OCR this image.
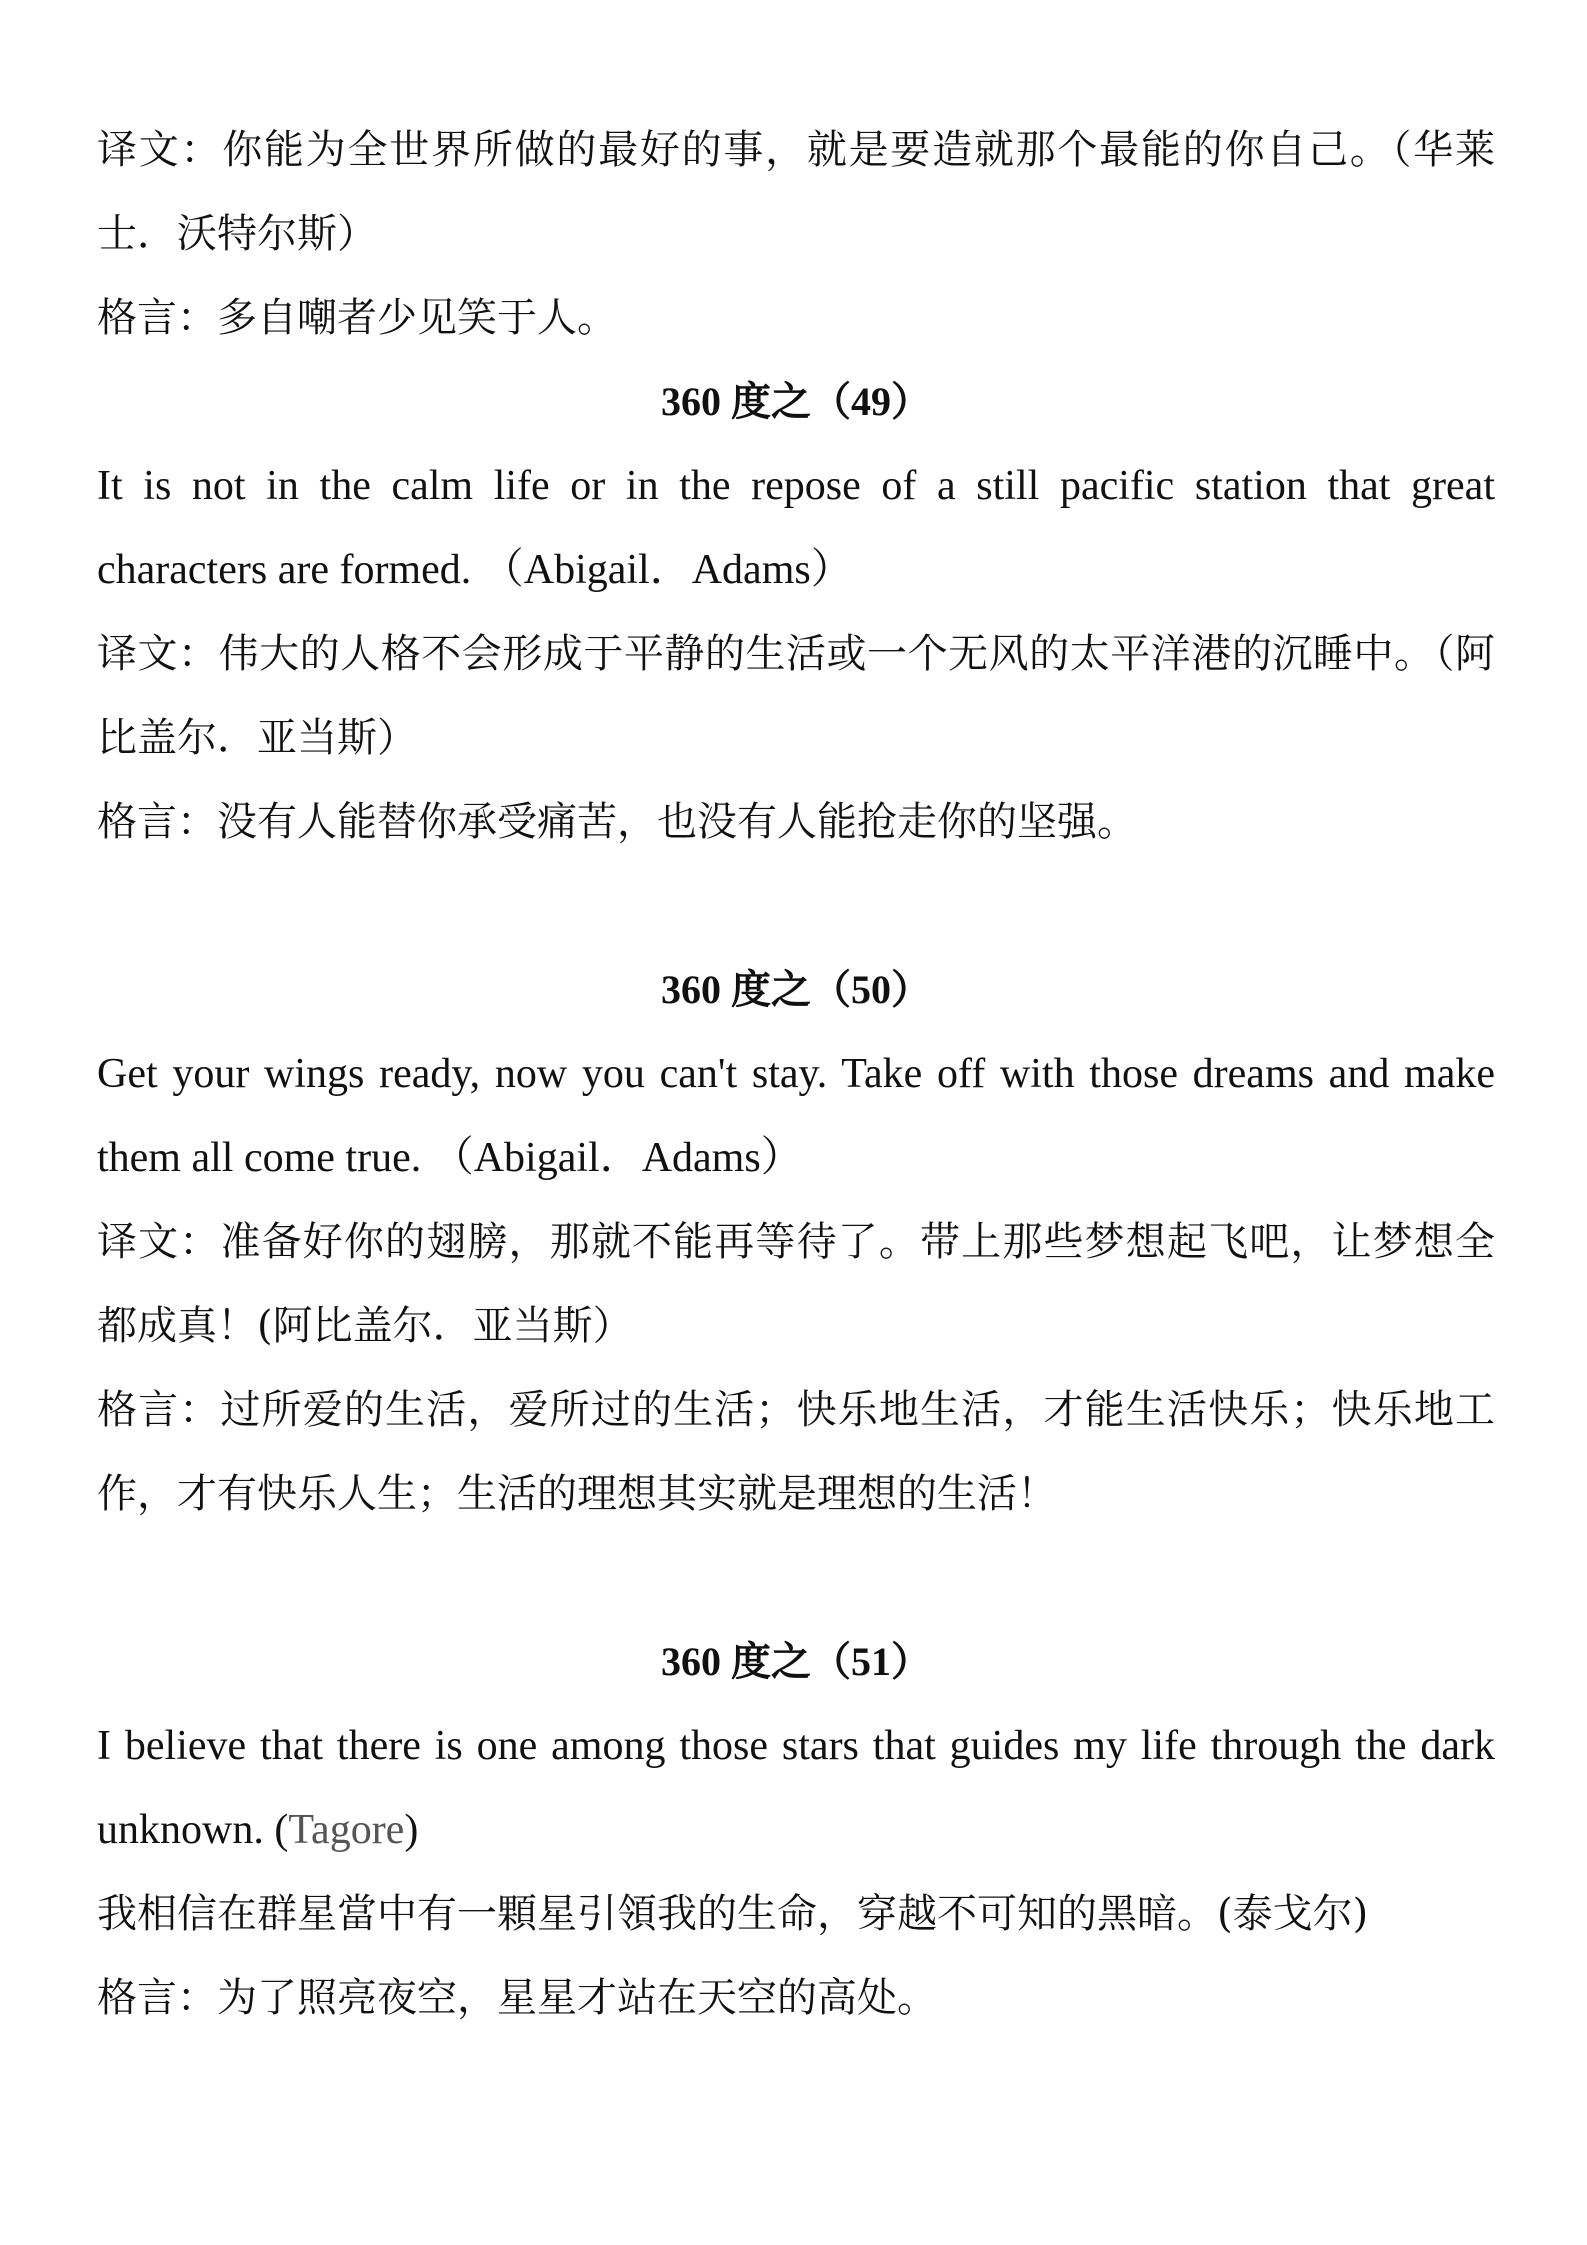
译文：你能为全世界所做的最好的事，就是要造就那个最能的你自己。（华莱士．沃特尔斯）

格言：多自嘲者少见笑于人。

360 度之（49）

It is not in the calm life or in the repose of a still pacific station that great characters are formed. （Abigail．Adams）

译文：伟大的人格不会形成于平静的生活或一个无风的太平洋港的沉睡中。（阿比盖尔．亚当斯）

格言：没有人能替你承受痛苦，也没有人能抢走你的坚强。

360 度之（50）

Get your wings ready, now you can't stay. Take off with those dreams and make them all come true. （Abigail．Adams）

译文：准备好你的翅膀，那就不能再等待了。带上那些梦想起飞吧，让梦想全都成真！(阿比盖尔．亚当斯）

格言：过所爱的生活，爱所过的生活；快乐地生活，才能生活快乐；快乐地工作，才有快乐人生；生活的理想其实就是理想的生活！

360 度之（51）

I believe that there is one among those stars that guides my life through the dark unknown. (Tagore)

我相信在群星當中有一顆星引領我的生命，穿越不可知的黑暗。(泰戈尔)

格言：为了照亮夜空，星星才站在天空的高处。
